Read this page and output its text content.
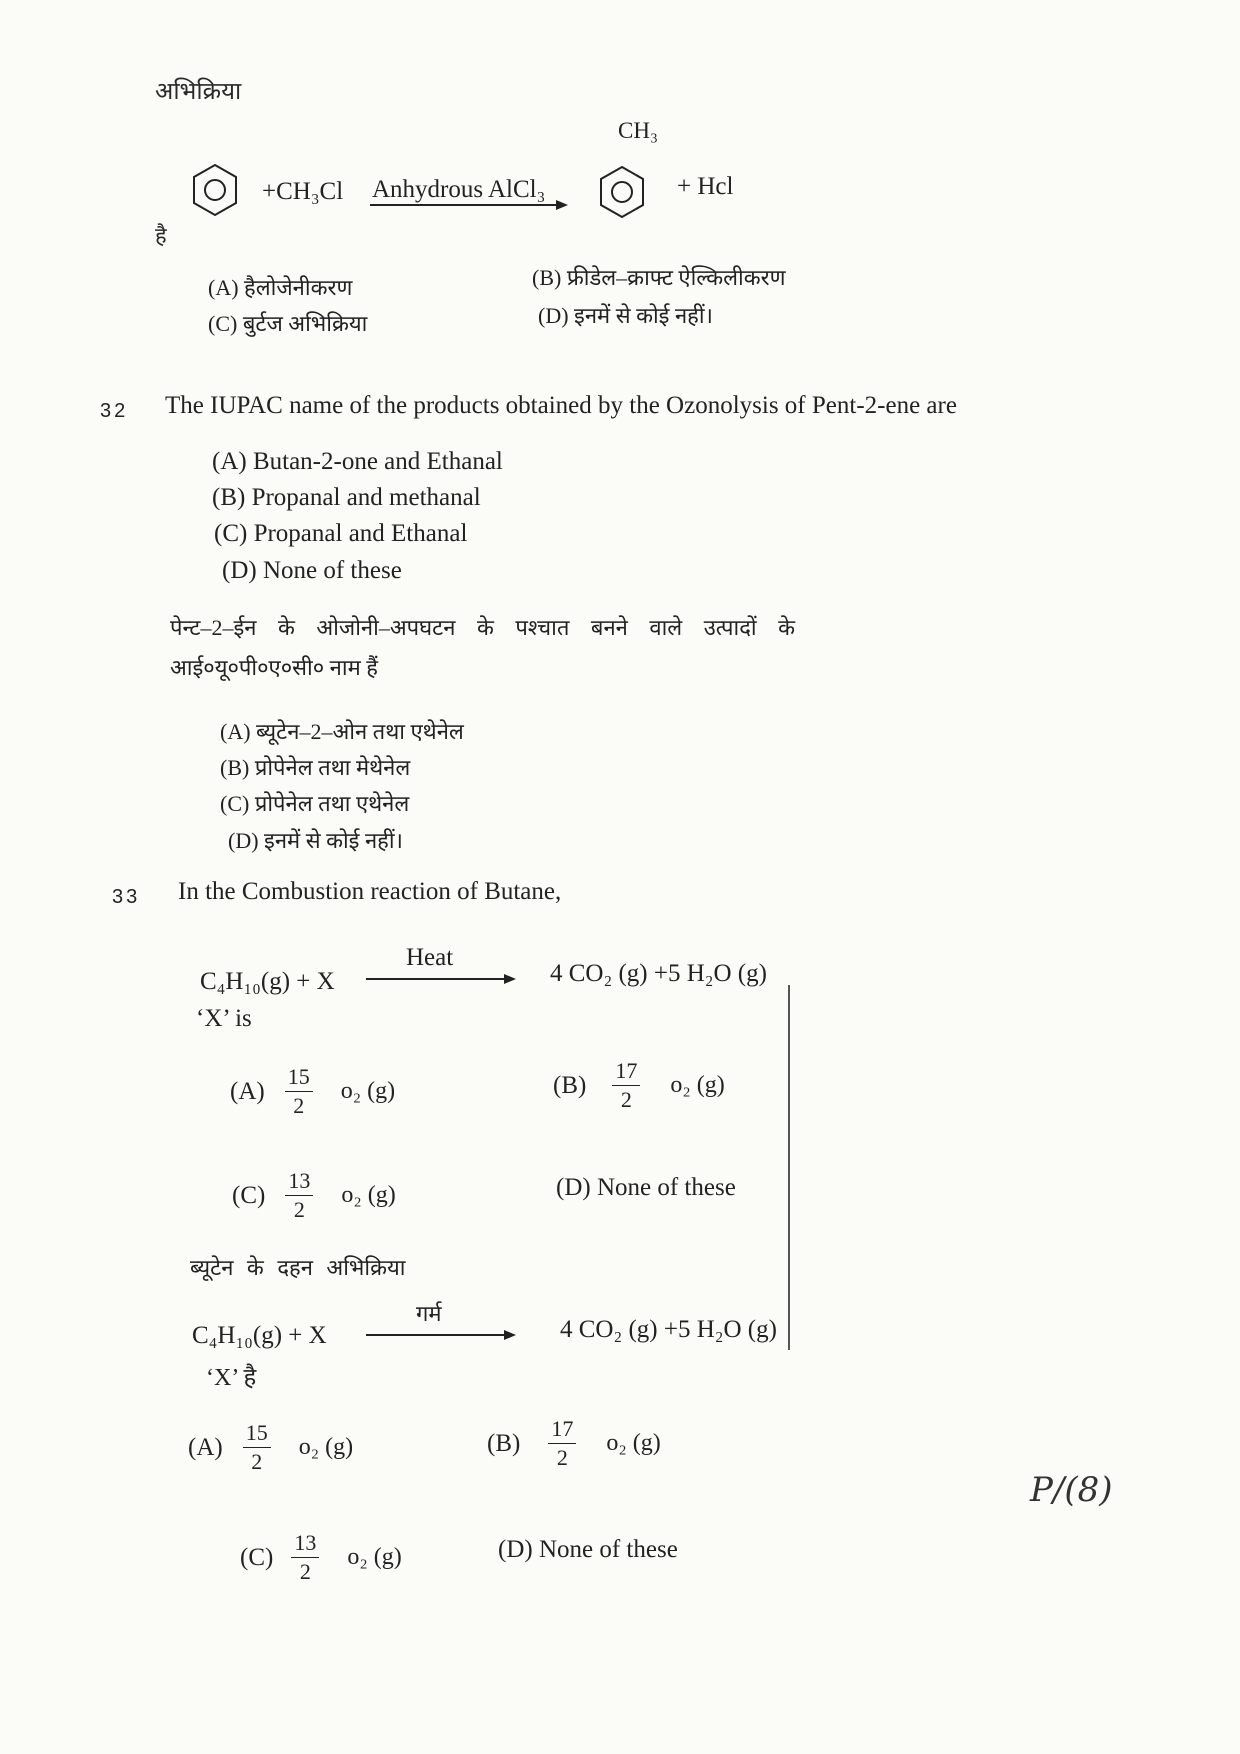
अभिक्रिया
CH₃
+CH₃Cl Anhydrous AlCl₃	+ Hcl
है
(A) हैलोजेनीकरण	(B) फ्रीडेल–क्राफ्ट ऐल्किलीकरण
(C) बुर्टज अभिक्रिया	(D) इनमें से कोई नहीं।
32 The IUPAC name of the products obtained by the Ozonolysis of Pent-2-ene are
(A) Butan-2-one and Ethanal
(B) Propanal and methanal
(C) Propanal and Ethanal
(D) None of these
पेन्ट–2–ईन के ओजोनी–अपघटन के पश्चात बनने वाले उत्पादों के
आई०यू०पी०ए०सी० नाम हैं
(A) ब्यूटेन–2–ओन तथा एथेनेल
(B) प्रोपेनेल तथा मेथेनेल
(C) प्रोपेनेल तथा एथेनेल
(D) इनमें से कोई नहीं।
33 In the Combustion reaction of Butane,
C₄H₁₀(g) + X
Heat
4 CO₂ (g) +5 H₂O (g)
‘X’ is
$(A) \frac{15}{2} o_2$ (g)	$(B) \frac{17}{2} o_2$ (g)
$(C) \frac{13}{2} o_2$ (g)	(D) None of these
ब्यूटेन के दहन अभिक्रिया
गर्म
C₄H₁₀(g) + X	4 CO₂ (g) +5 H₂O (g)
‘X’ है
$(A) \frac{15}{2} o_2$ (g)	$(B) \frac{17}{2} o_2$ (g)
$(C) \frac{13}{2} o_2$ (g)	(D) None of these
P/(8)
